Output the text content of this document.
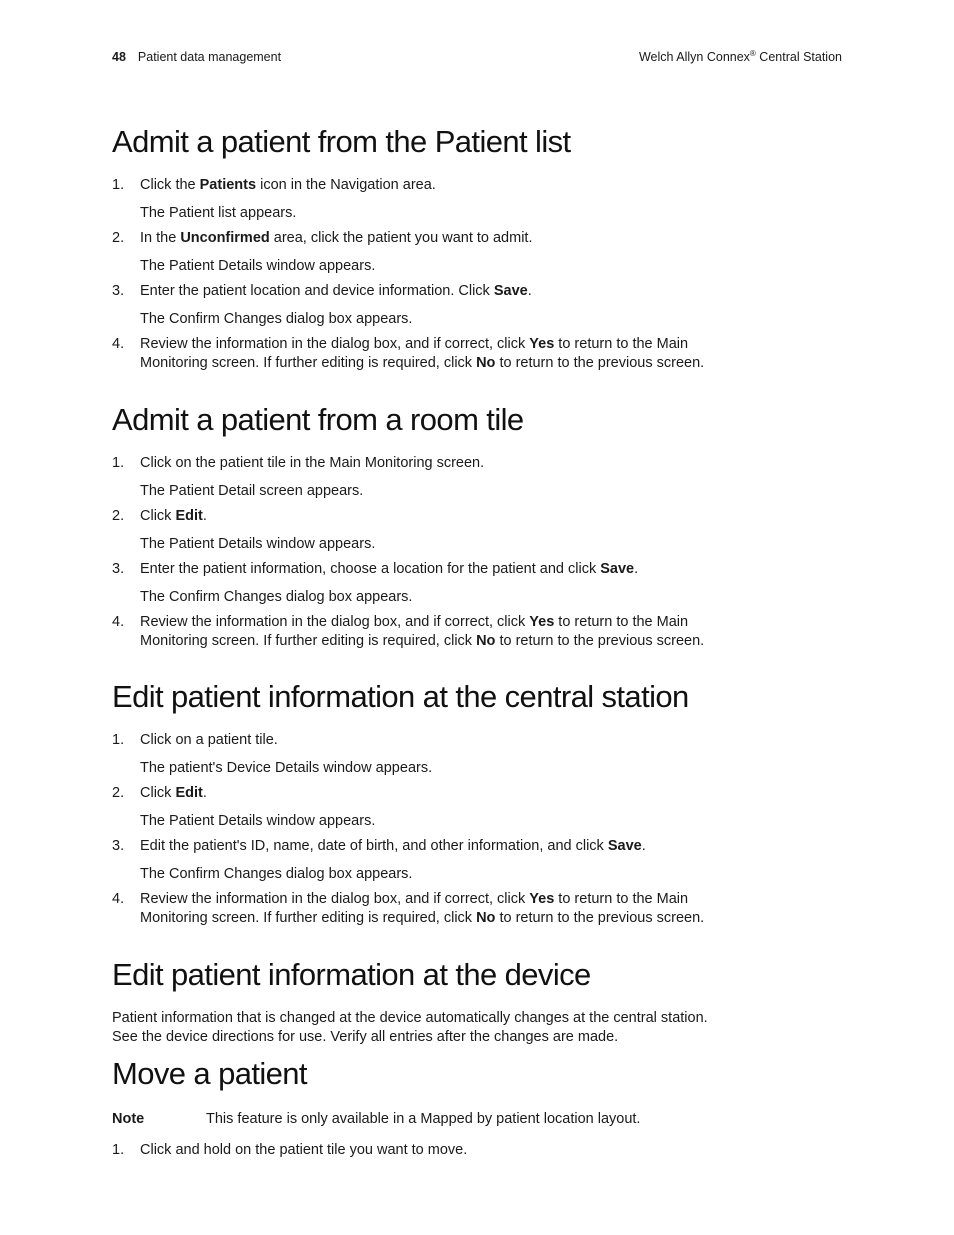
48 Patient data management	Welch Allyn Connex® Central Station
Admit a patient from the Patient list
1. Click the Patients icon in the Navigation area.
The Patient list appears.
2. In the Unconfirmed area, click the patient you want to admit.
The Patient Details window appears.
3. Enter the patient location and device information. Click Save.
The Confirm Changes dialog box appears.
4. Review the information in the dialog box, and if correct, click Yes to return to the Main Monitoring screen. If further editing is required, click No to return to the previous screen.
Admit a patient from a room tile
1. Click on the patient tile in the Main Monitoring screen.
The Patient Detail screen appears.
2. Click Edit.
The Patient Details window appears.
3. Enter the patient information, choose a location for the patient and click Save.
The Confirm Changes dialog box appears.
4. Review the information in the dialog box, and if correct, click Yes to return to the Main Monitoring screen. If further editing is required, click No to return to the previous screen.
Edit patient information at the central station
1. Click on a patient tile.
The patient's Device Details window appears.
2. Click Edit.
The Patient Details window appears.
3. Edit the patient's ID, name, date of birth, and other information, and click Save.
The Confirm Changes dialog box appears.
4. Review the information in the dialog box, and if correct, click Yes to return to the Main Monitoring screen. If further editing is required, click No to return to the previous screen.
Edit patient information at the device
Patient information that is changed at the device automatically changes at the central station. See the device directions for use. Verify all entries after the changes are made.
Move a patient
Note	This feature is only available in a Mapped by patient location layout.
1. Click and hold on the patient tile you want to move.
